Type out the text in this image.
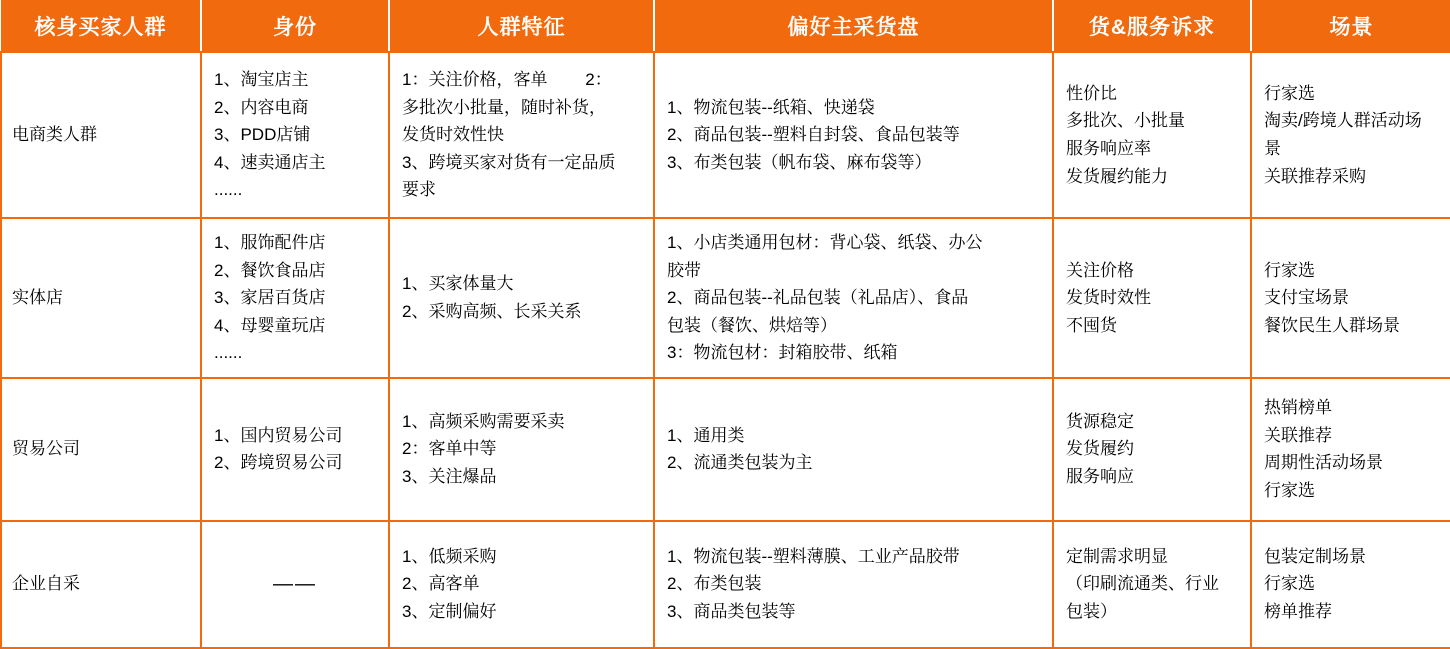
核身买家人群	身份	人群特征	偏好主采货盘	货&服务诉求	场景
电商类人群	1、淘宝店主
2、内容电商
3、PDD店铺
4、速卖通店主
......	1：关注价格，客单        2：
多批次小批量，随时补货，
发货时效性快
3、跨境买家对货有一定品质
要求	1、物流包装--纸箱、快递袋
2、商品包装--塑料自封袋、食品包装等
3、布类包装（帆布袋、麻布袋等）	性价比
多批次、小批量
服务响应率
发货履约能力	行家选
淘卖/跨境人群活动场
景
关联推荐采购

实体店	1、服饰配件店
2、餐饮食品店
3、家居百货店
4、母婴童玩店
......	1、买家体量大
2、采购高频、长采关系	1、小店类通用包材：背心袋、纸袋、办公
胶带
2、商品包装--礼品包装（礼品店）、食品
包装（餐饮、烘焙等）
3：物流包材：封箱胶带、纸箱	关注价格
发货时效性
不囤货	行家选
支付宝场景
餐饮民生人群场景

贸易公司	1、国内贸易公司
2、跨境贸易公司	1、高频采购需要采卖
2：客单中等
3、关注爆品	1、通用类
2、流通类包装为主	货源稳定
发货履约
服务响应	热销榜单
关联推荐
周期性活动场景
行家选

企业自采	——	1、低频采购
2、高客单
3、定制偏好	1、物流包装--塑料薄膜、工业产品胶带
2、布类包装
3、商品类包装等	定制需求明显
（印刷流通类、行业
包装）	包装定制场景
行家选
榜单推荐
